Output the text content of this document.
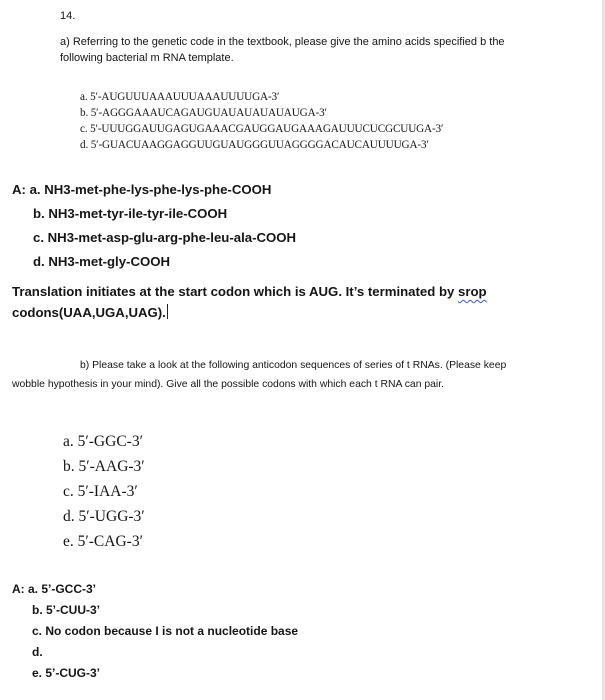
14.
a) Referring to the genetic code in the textbook, please give the amino acids specified b the
following bacterial m RNA template.
a. 5′-AUGUUUAAAUUUAAAUUUUGA-3′
b. 5′-AGGGAAAUCAGAUGUAUAUAUAUAUGA-3′
c. 5′-UUUGGAUUGAGUGAAACGAUGGAUGAAAGAUUUCUCGCUUGA-3′
d. 5′-GUACUAAGGAGGUUGUAUGGGUUAGGGGACAUCAUUUUGA-3′
A: a. NH3-met-phe-lys-phe-lys-phe-COOH
b. NH3-met-tyr-ile-tyr-ile-COOH
c. NH3-met-asp-glu-arg-phe-leu-ala-COOH
d. NH3-met-gly-COOH
Translation initiates at the start codon which is AUG. It’s terminated by srop
codons(UAA,UGA,UAG).
b) Please take a look at the following anticodon sequences of series of t RNAs. (Please keep
wobble hypothesis in your mind). Give all the possible codons with which each t RNA can pair.
a. 5′-GGC-3′
b. 5′-AAG-3′
c. 5′-IAA-3′
d. 5′-UGG-3′
e. 5′-CAG-3′
A: a. 5’-GCC-3’
b. 5’-CUU-3’
c. No codon because I is not a nucleotide base
d.
e. 5’-CUG-3’
